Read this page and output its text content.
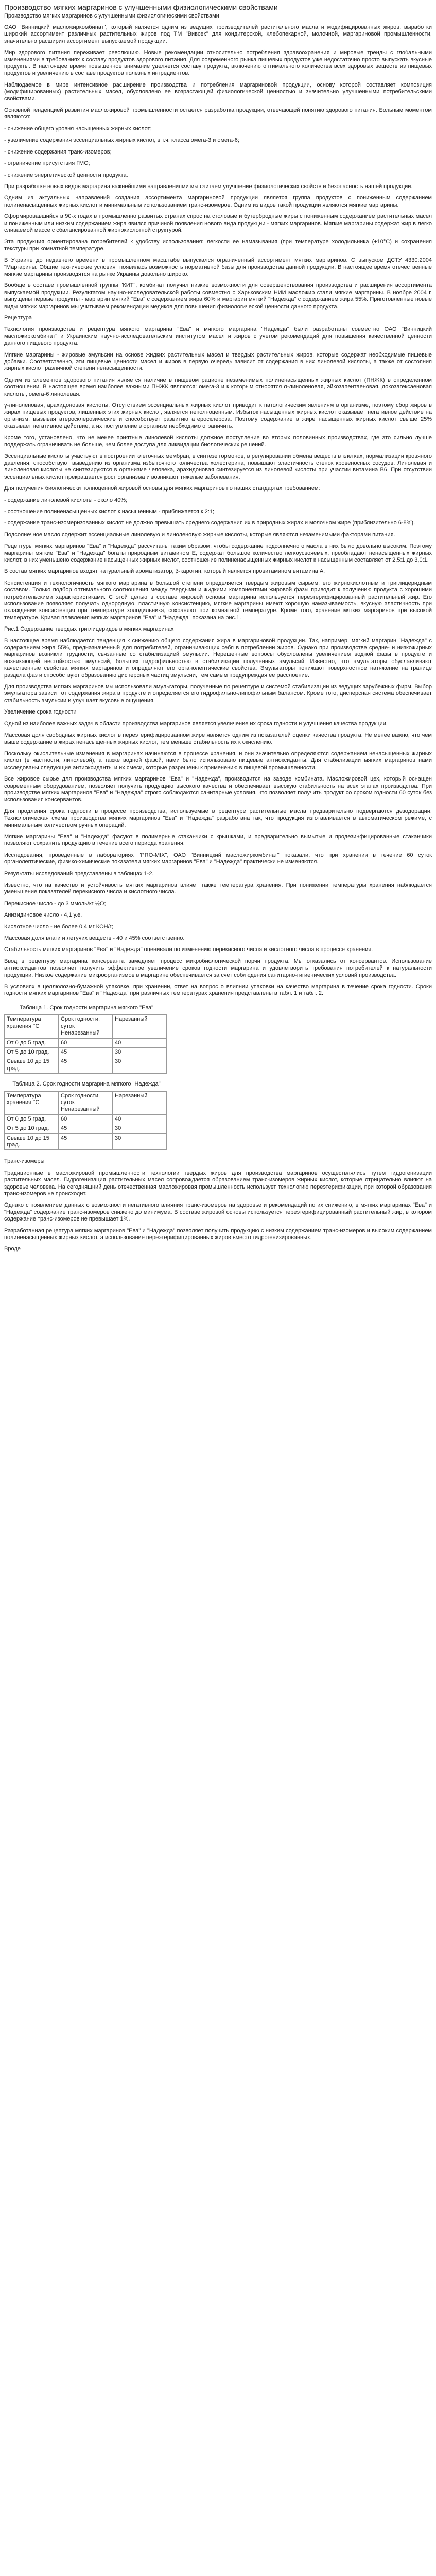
Производство мягких маргаринов с улучшенными физиологическими свойствами
Производство мягких маргаринов с улучшенными физиологическими свойствами

ОАО "Винницкий масложиркомбинат", который является одним из ведущих производителей растительного масла и модифицированных жиров, выработки широкий ассортимент различных растительных жиров под ТМ "Вивсек" для кондитерской, хлебопекарной, молочной, маргариновой промышленности, значительно расширил ассортимент выпускаемой продукции.

Мир здорового питания переживает революцию. Новые рекомендации относительно потребления здравоохранения и мировые тренды с глобальными изменениями в требованиях к составу продуктов здорового питания. Для современного рынка пищевых продуктов уже недостаточно просто выпускать вкусные продукты. В настоящее время повышенное внимание уделяется составу продукта, включению оптимального количества всех здоровых веществ из пищевых продуктов и увеличению в составе продуктов полезных ингредиентов.

Наблюдаемое в мире интенсивное расширение производства и потребления маргариновой продукции, основу которой составляет композиция (модифицированных) растительных масел, обусловлено ее возрастающей физиологической ценностью и значительно улучшенными потребительскими свойствами.

Основной тенденцией развития масложировой промышленности остается разработка продукции, отвечающей понятию здорового питания. Больным моментом являются:

- снижение общего уровня насыщенных жирных кислот;

- увеличение содержания эссенциальных жирных кислот, в т.ч. класса омега-3 и омега-6;

- снижение содержания транс-изомеров;

- ограничение присутствия ГМО;

- снижение энергетической ценности продукта.

При разработке новых видов маргарина важнейшими направлениями мы считаем улучшение физиологических свойств и безопасность нашей продукции.

Одним из актуальных направлений создания ассортимента маргариновой продукции является группа продуктов с пониженным содержанием полиненасыщенных жирных кислот и минимальным использованием транс-изомеров. Одним из видов такой продукции являются мягкие маргарины.

Сформировавшийся в 90-х годах в промышленно развитых странах спрос на столовые и бутербродные жиры с пониженным содержанием растительных масел и пониженным или низким содержанием жира явился причиной появления нового вида продукции - мягких маргаринов. Мягкие маргарины содержат жир в легко сливаемой массе с сбалансированной жирнокислотной структурой.

Эта продукция ориентирована потребителей к удобству использования: легкости ее намазывания (при температуре холодильника (+10°С) и сохранения текстуры при комнатной температуре.

В Украине до недавнего времени в промышленном масштабе выпускался ограниченный ассортимент мягких маргаринов. С выпуском ДСТУ 4330:2004 "Маргарины. Общие технические условия" появилась возможность нормативной базы для производства данной продукции. В настоящее время отечественные мягкие маргарины производятся на рынке Украины довольно широко.

Вообще в составе промышленной группы "КИТ", комбинат получил низкие возможности для совершенствования производства и расширения ассортимента выпускаемой продукции. Результатом научно-исследовательской работы совместно с Харьковским НИИ масложир стали мягкие маргарины. В ноябре 2004 г. выпущены первые продукты - маргарин мягкий "Ева" с содержанием жира 60% и маргарин мягкий "Надежда" с содержанием жира 55%. Приготовленные новые виды мягких маргаринов мы учитываем рекомендации медиков для повышения физиологической ценности данного продукта.

Рецептура

Технология производства и рецептура мягкого маргарина "Ева" и мягкого маргарина "Надежда" были разработаны совместно ОАО "Винницкий масложиркомбинат" и Украинским научно-исследовательским институтом масел и жиров с учетом рекомендаций для повышения качественной ценности данного пищевого продукта.

Мягкие маргарины - жировые эмульсии на основе жидких растительных масел и твердых растительных жиров, которые содержат необходимые пищевые добавки. Соответственно, эти пищевые ценности масел и жиров в первую очередь зависит от содержания в них линолевой кислоты, а также от состояния жирных кислот различной степени ненасыщенности.

Одним из элементов здорового питания является наличие в пищевом рационе незаменимых полиненасыщенных жирных кислот (ПНЖК) в определенном соотношении. В настоящее время наиболее важными ПНЖК являются: омега-3 и к которым относятся α-линоленовая, эйкозапентаеновая, докозагексаеновая кислоты, омега-6 линолевая.

γ-линоленовая, арахидоновая кислоты. Отсутствием эссенциальных жирных кислот приводит к патологическим явлениям в организме, поэтому сбор жиров в жирах пищевых продуктов, лишенных этих жирных кислот, является неполноценным. Избыток насыщенных жирных кислот оказывает негативное действие на организм, вызывая атеросклерозические и способствует развитию атеросклероза. Поэтому содержание в жире насыщенных жирных кислот свыше 25% оказывает негативное действие, а их поступление в организм необходимо ограничить.

Кроме того, установлено, что не менее приятные линолевой кислоты должное поступление во вторых половинных производствах, где это сильно лучше поддержать ограничивать не больше, чем более доступа для ликвидации биологических решений.

Эссенциальные кислоты участвуют в построении клеточных мембран, в синтезе гормонов, в регулировании обмена веществ в клетках, нормализации кровяного давления, способствуют выведению из организма избыточного количества холестерина, повышают эластичность стенок кровеносных сосудов. Линолевая и линоленовая кислоты не синтезируются в организме человека, арахидоновая синтезируется из линолевой кислоты при участии витамина B6. При отсутствии эссенциальных кислот прекращается рост организма и возникают тяжелые заболевания.

Для получения биологически полноценной жировой основы для мягких маргаринов по наших стандартах требованием:

- содержание линолевой кислоты - около 40%;

- соотношение полиненасыщенных кислот к насыщенным - приближается к 2:1;

- содержание транс-изомеризованных кислот не должно превышать среднего содержания их в природных жирах и молочном жире (приблизительно 6-8%).

Подсолнечное масло содержит эссенциальные линолевую и линоленовую жирные кислоты, которые являются незаменимыми факторами питания.

Рецептуры мягких маргаринов "Ева" и "Надежда" рассчитаны таким образом, чтобы содержание подсолнечного масла в них было довольно высоким. Поэтому маргарины мягкие "Ева" и "Надежда" богаты природным витамином Е, содержат большое количество легкоусвояемых, преобладают ненасыщенных жирных кислот, в них уменьшено содержание насыщенных жирных кислот, соотношение полиненасыщенных жирных кислот к насыщенным составляет от 2,5:1 до 3,0:1.

В состав мягких маргаринов входят натуральный ароматизатор, β-каротин, который является провитамином витамина А.

Консистенция и технологичность мягкого маргарина в большой степени определяется твердым жировым сырьем, его жирнокислотным и триглицеридным составом. Только подбор оптимального соотношения между твердыми и жидкими компонентами жировой фазы приводит к получению продукта с хорошими потребительскими характеристиками. С этой целью в составе жировой основы маргарина используется переэтерифицированный растительный жир. Его использование позволяет получать однородную, пластичную консистенцию, мягкие маргарины имеют хорошую намазываемость, вкусную эластичность при охлаждении консистенция при температуре холодильника, сохраняют при комнатной температуре. Кроме того, хранение мягких маргаринов при высокой температуре. Кривая плавления мягких маргаринов "Ева" и "Надежда" показана на рис.1.

Рис.1 Содержание твердых триглицеридов в мягких маргаринах

В настоящее время наблюдается тенденция к снижению общего содержания жира в маргариновой продукции. Так, например, мягкий маргарин "Надежда" с содержанием жира 55%, предназначенный для потребителей, ограничивающих себя в потреблении жиров. Однако при производстве средне- и низкожирных маргаринов возникли трудности, связанные со стабилизацией эмульсии. Нерешенные вопросы обусловлены увеличением водной фазы в продукте и возникающей нестойкостью эмульсий, больших гидрофильностью в стабилизации полученных эмульсий. Известно, что эмульгаторы обуславливают качественные свойства мягких маргаринов и определяют его органолептические свойства. Эмульгаторы понижают поверхностное натяжение на границе раздела фаз и способствуют образованию дисперсных частиц эмульсии, тем самым предупреждая ее расслоение.

Для производства мягких маргаринов мы использовали эмульгаторы, полученные по рецептуре и системой стабилизации из ведущих зарубежных фирм. Выбор эмульгатора зависит от содержания жира в продукте и определяется его гидрофильно-липофильным балансом. Кроме того, дисперсная система обеспечивает стабильность эмульсии и улучшает вкусовые ощущения.

Увеличение срока годности

Одной из наиболее важных задач в области производства маргаринов является увеличение их срока годности и улучшения качества продукции.

Массовая доля свободных жирных кислот в переэтерифицированном жире является одним из показателей оценки качества продукта. Не менее важно, что чем выше содержание в жирах ненасыщенных жирных кислот, тем меньше стабильность их к окислению.

Поскольку окислительные изменения в маргаринах начинаются в процессе хранения, и они значительно определяются содержанием ненасыщенных жирных кислот (в частности, линолевой), а также водной фазой, нами было использовано пищевые антиоксиданты. Для стабилизации мягких маргаринов нами исследованы следующие антиоксиданты и их смеси, которые разрешены к применению в пищевой промышленности.

Все жировое сырье для производства мягких маргаринов "Ева" и "Надежда", производится на заводе комбината. Масложировой цех, который оснащен современным оборудованием, позволяет получить продукцию высокого качества и обеспечивает высокую стабильность на всех этапах производства. При производстве мягких маргаринов "Ева" и "Надежда" строго соблюдаются санитарные условия, что позволяет получить продукт со сроком годности 60 суток без использования консервантов.

Для продления срока годности в процессе производства, используемые в рецептуре растительные масла предварительно подвергаются дезодорации. Технологическая схема производства мягких маргаринов "Ева" и "Надежда" разработана так, что продукция изготавливается в автоматическом режиме, с минимальным количеством ручных операций.

Мягкие маргарины "Ева" и "Надежда" фасуют в полимерные стаканчики с крышками, и предварительно вымытые и продезинфицированные стаканчики позволяют сохранить продукцию в течение всего периода хранения.

Исследования, проведенные в лабораториях "PRO-MIX", ОАО "Винницкий масложиркомбинат" показали, что при хранении в течение 60 суток органолептические, физико-химические показатели мягких маргаринов "Ева" и "Надежда" практически не изменяются.

Результаты исследований представлены в таблицах 1-2.

Известно, что на качество и устойчивость мягких маргаринов влияет также температура хранения. При понижении температуры хранения наблюдается уменьшение показателей перекисного числа и кислотного числа.

Перекисное число - до 3 ммоль/кг ½О;

Анизидиновое число - 4,1 у.е.

Кислотное число - не более 0,4 мг КОН/г;

Массовая доля влаги и летучих веществ - 40 и 45% соответственно.

Стабильность мягких маргаринов "Ева" и "Надежда" оценивали по изменению перекисного числа и кислотного числа в процессе хранения.

Ввод в рецептуру маргарина консерванта замедляет процесс микробиологической порчи продукта. Мы отказались от консервантов. Использование антиоксидантов позволяет получить эффективное увеличение сроков годности маргарина и удовлетворить требования потребителей к натуральности продукции. Низкое содержание микроорганизмов в маргарине обеспечивается за счет соблюдения санитарно-гигиенических условий производства.

В условиях в целлюлозно-бумажной упаковке, при хранении, ответ на вопрос о влиянии упаковки на качество маргарина в течение срока годности. Сроки годности мягких маргаринов "Ева" и "Надежда" при различных температурах хранения представлены в табл. 1 и табл. 2.

Таблица 1. Срок годности маргарина мягкого "Ева"
Температура хранения °C	Срок годности, суток Ненарезанный	Нарезанный
От 0 до 5 град.	60	40
От 5 до 10 град.	45	30
Свыше 10 до 15 град.	45	30
Таблица 2. Срок годности маргарина мягкого "Надежда"
Температура хранения °C	Срок годности, суток Ненарезанный	Нарезанный
От 0 до 5 град.	60	40
От 5 до 10 град.	45	30
Свыше 10 до 15 град.	45	30
Транс-изомеры

Традиционные в масложировой промышленности технологии твердых жиров для производства маргаринов осуществлялись путем гидрогенизации растительных масел. Гидрогенизация растительных масел сопровождается образованием транс-изомеров жирных кислот, которые отрицательно влияют на здоровье человека. На сегодняшний день отечественная масложировая промышленность использует технологию переэтерификации, при которой образования транс-изомеров не происходит.

Однако с появлением данных о возможности негативного влияния транс-изомеров на здоровье и рекомендаций по их снижению, в мягких маргаринах "Ева" и "Надежда" содержание транс-изомеров снижено до минимума. В составе жировой основы используется переэтерифицированный растительный жир, в котором содержание транс-изомеров не превышает 1%.

Разработанная рецептура мягких маргаринов "Ева" и "Надежда" позволяет получить продукцию с низким содержанием транс-изомеров и высоким содержанием полиненасыщенных жирных кислот, а использование переэтерифицированных жиров вместо гидрогенизированных.

Вроде
